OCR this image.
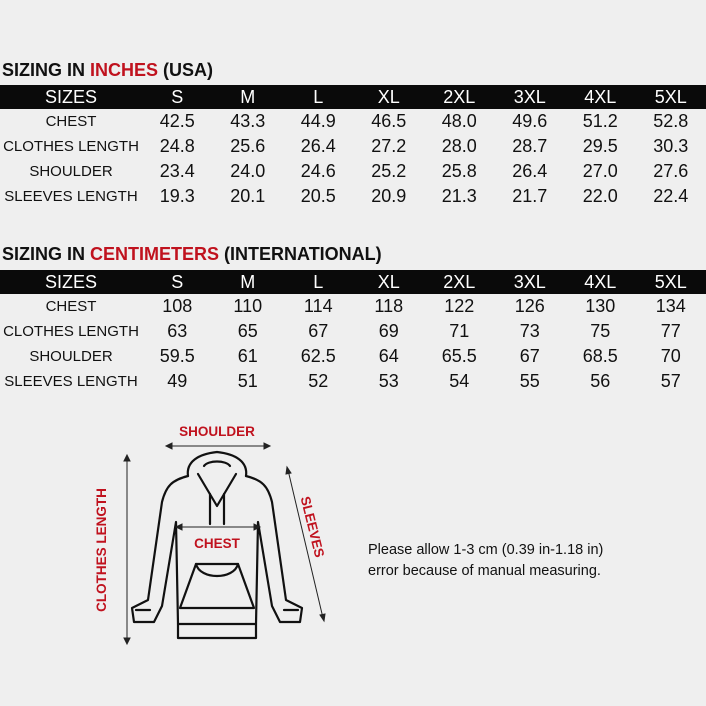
SIZING IN INCHES (USA)
SIZES	S	M	L	XL	2XL	3XL	4XL	5XL
CHEST	42.5	43.3	44.9	46.5	48.0	49.6	51.2	52.8
CLOTHES LENGTH	24.8	25.6	26.4	27.2	28.0	28.7	29.5	30.3
SHOULDER	23.4	24.0	24.6	25.2	25.8	26.4	27.0	27.6
SLEEVES LENGTH	19.3	20.1	20.5	20.9	21.3	21.7	22.0	22.4
SIZING IN CENTIMETERS (INTERNATIONAL)
SIZES	S	M	L	XL	2XL	3XL	4XL	5XL
CHEST	108	110	114	118	122	126	130	134
CLOTHES LENGTH	63	65	67	69	71	73	75	77
SHOULDER	59.5	61	62.5	64	65.5	67	68.5	70
SLEEVES LENGTH	49	51	52	53	54	55	56	57
SHOULDER
CLOTHES LENGTH	SLEEVES
CHEST	Please allow 1-3 cm (0.39 in-1.18 in)
error because of manual measuring.
